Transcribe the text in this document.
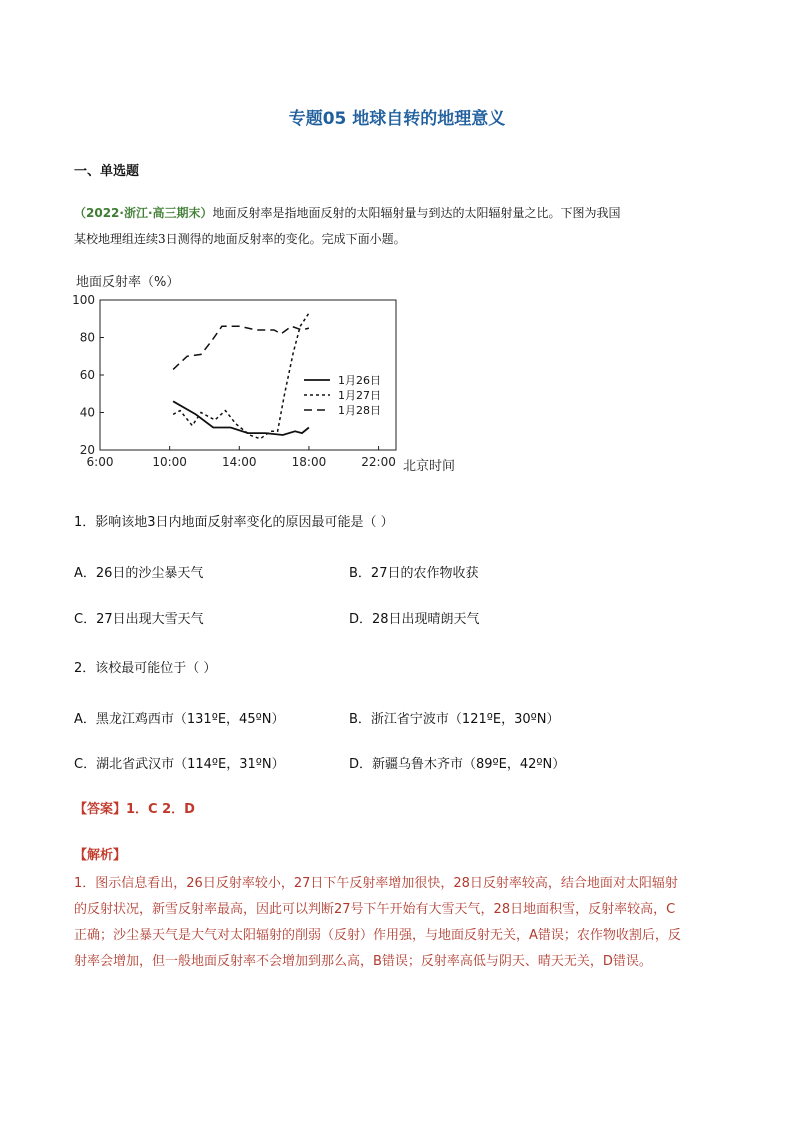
专题05 地球自转的地理意义
一、单选题
（2022·浙江·高三期末）地面反射率是指地面反射的太阳辐射量与到达的太阳辐射量之比。下图为我国
某校地理组连续3日测得的地面反射率的变化。完成下面小题。
地面反射率（%）
20
40
60
80
100
6:00	10:00	14:00	18:00	22:00 北京时间
1月26日
1月27日
1月28日
1．影响该地3日内地面反射率变化的原因最可能是（ ）
A．26日的沙尘暴天气	B．27日的农作物收获
C．27日出现大雪天气	D．28日出现晴朗天气
2．该校最可能位于（ ）
A．黑龙江鸡西市（131ºE，45ºN）	B．浙江省宁波市（121ºE，30ºN）
C．湖北省武汉市（114ºE，31ºN）	D．新疆乌鲁木齐市（89ºE，42ºN）
【答案】1．C 2．D
【解析】
1．图示信息看出，26日反射率较小，27日下午反射率增加很快，28日反射率较高，结合地面对太阳辐射
的反射状况，新雪反射率最高，因此可以判断27号下午开始有大雪天气，28日地面积雪，反射率较高，C
正确；沙尘暴天气是大气对太阳辐射的削弱（反射）作用强，与地面反射无关，A错误；农作物收割后，反
射率会增加，但一般地面反射率不会增加到那么高，B错误；反射率高低与阴天、晴天无关，D错误。
